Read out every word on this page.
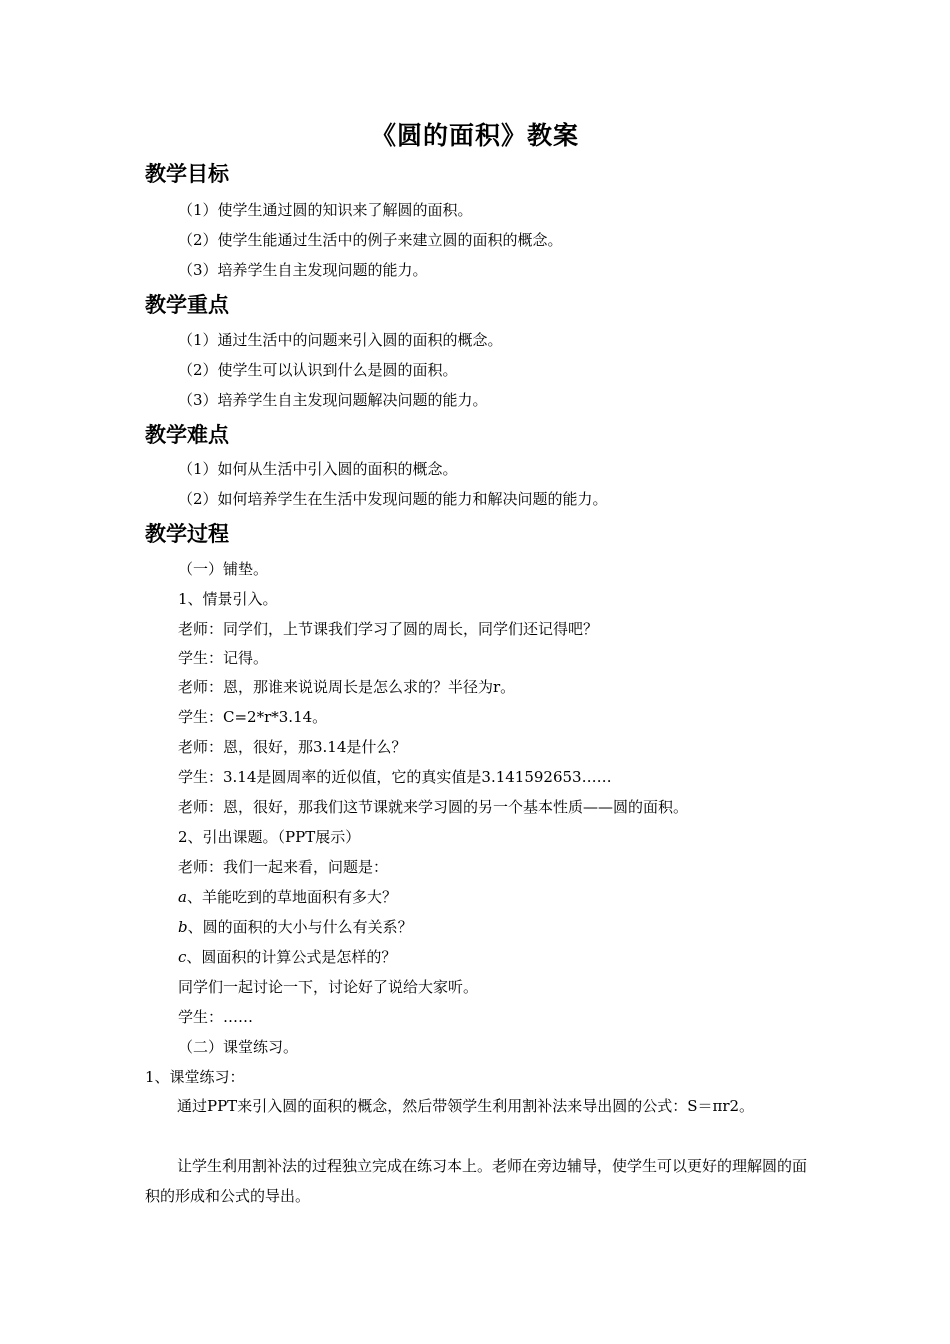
《圆的面积》教案
教学目标
（1）使学生通过圆的知识来了解圆的面积。
（2）使学生能通过生活中的例子来建立圆的面积的概念。
（3）培养学生自主发现问题的能力。
教学重点
（1）通过生活中的问题来引入圆的面积的概念。
（2）使学生可以认识到什么是圆的面积。
（3）培养学生自主发现问题解决问题的能力。
教学难点
（1）如何从生活中引入圆的面积的概念。
（2）如何培养学生在生活中发现问题的能力和解决问题的能力。
教学过程
（一）铺垫。
1、情景引入。
老师：同学们，上节课我们学习了圆的周长，同学们还记得吧？
学生：记得。
老师：恩，那谁来说说周长是怎么求的？半径为r。
学生：C=2*r*3.14。
老师：恩，很好，那3.14是什么？
学生：3.14是圆周率的近似值，它的真实值是3.141592653……
老师：恩，很好，那我们这节课就来学习圆的另一个基本性质——圆的面积。
2、引出课题。（PPT展示）
老师：我们一起来看，问题是：
a、羊能吃到的草地面积有多大？
b、圆的面积的大小与什么有关系？
c、圆面积的计算公式是怎样的？
同学们一起讨论一下，讨论好了说给大家听。
学生：……
（二）课堂练习。
1、课堂练习：
通过PPT来引入圆的面积的概念，然后带领学生利用割补法来导出圆的公式：S＝πr2。
让学生利用割补法的过程独立完成在练习本上。老师在旁边辅导，使学生可以更好的理解圆的面积的形成和公式的导出。
